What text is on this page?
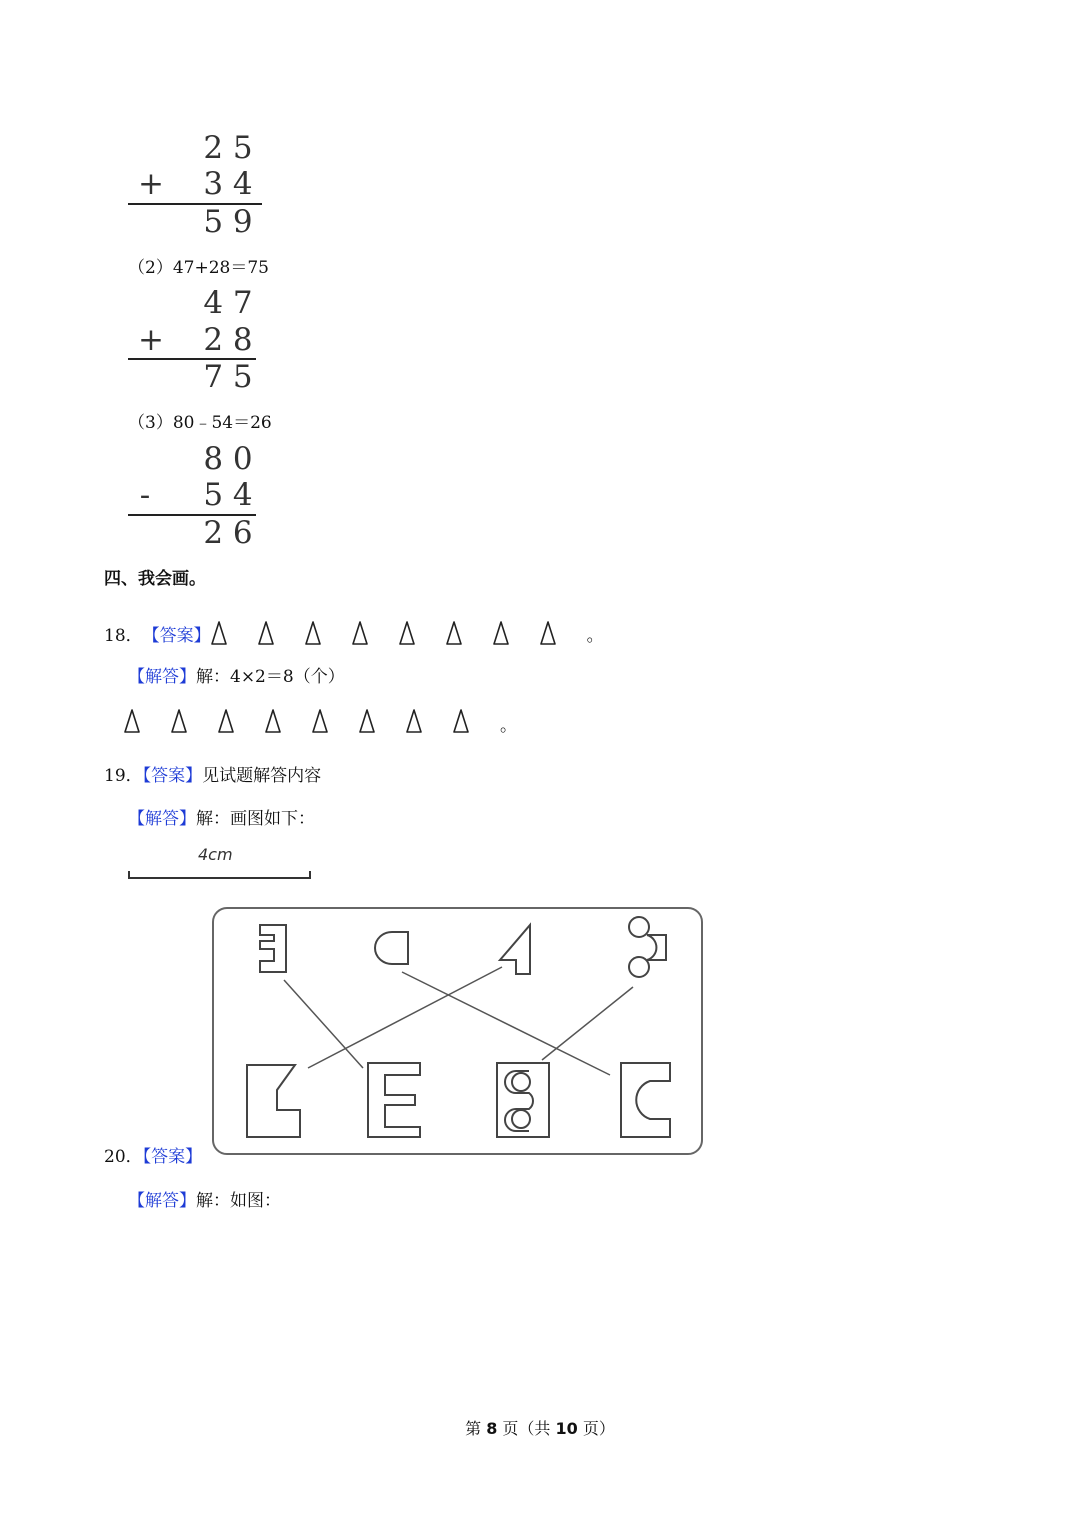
2 5
+ 3 4
5 9
（2）47+28＝75
4 7
+ 2 8
7 5
（3）80﹣54＝26
8 0
-	5 4
2 6
四、我会画。
18． 【答案】	。
【解答】解：4×2＝8（个）
。
19．【答案】见试题解答内容
【解答】解：画图如下：
4cm
20．【答案】
【解答】解：如图：
第 8 页（共 10 页）
